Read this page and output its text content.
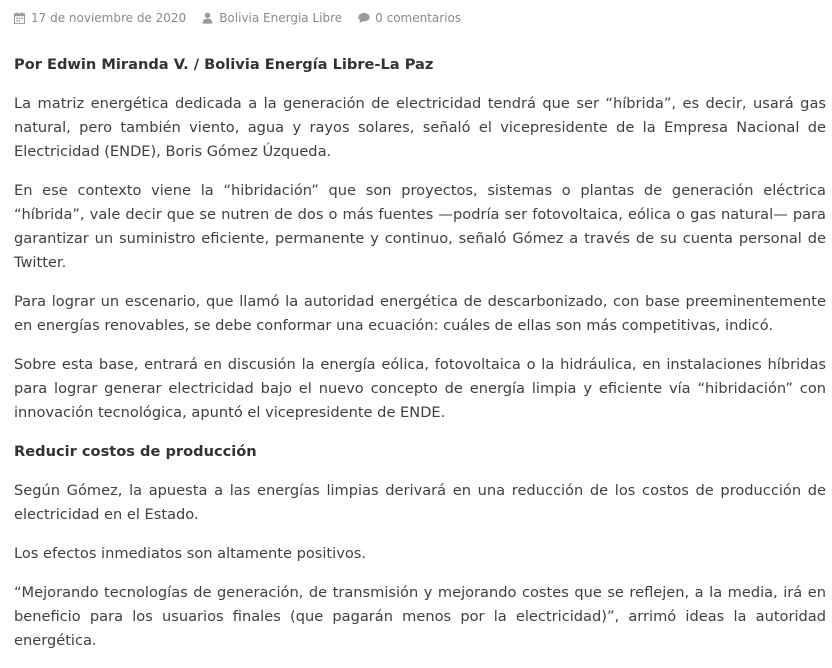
17 de noviembre de 2020	Bolivia Energia Libre	0 comentarios

Por Edwin Miranda V. / Bolivia Energía Libre-La Paz

La matriz energética dedicada a la generación de electricidad tendrá que ser “híbrida”, es decir, usará gas natural, pero también viento, agua y rayos solares, señaló el vicepresidente de la Empresa Nacional de Electricidad (ENDE), Boris Gómez Úzqueda.

En ese contexto viene la “hibridación” que son proyectos, sistemas o plantas de generación eléctrica “híbrida”, vale decir que se nutren de dos o más fuentes —podría ser fotovoltaica, eólica o gas natural— para garantizar un suministro eficiente, permanente y continuo, señaló Gómez a través de su cuenta personal de Twitter.

Para lograr un escenario, que llamó la autoridad energética de descarbonizado, con base preeminentemente en energías renovables, se debe conformar una ecuación: cuáles de ellas son más competitivas, indicó.

Sobre esta base, entrará en discusión la energía eólica, fotovoltaica o la hidráulica, en instalaciones híbridas para lograr generar electricidad bajo el nuevo concepto de energía limpia y eficiente vía “hibridación” con innovación tecnológica, apuntó el vicepresidente de ENDE.

Reducir costos de producción

Según Gómez, la apuesta a las energías limpias derivará en una reducción de los costos de producción de electricidad en el Estado.

Los efectos inmediatos son altamente positivos.

“Mejorando tecnologías de generación, de transmisión y mejorando costes que se reflejen, a la media, irá en beneficio para los usuarios finales (que pagarán menos por la electricidad)”, arrimó ideas la autoridad energética.
